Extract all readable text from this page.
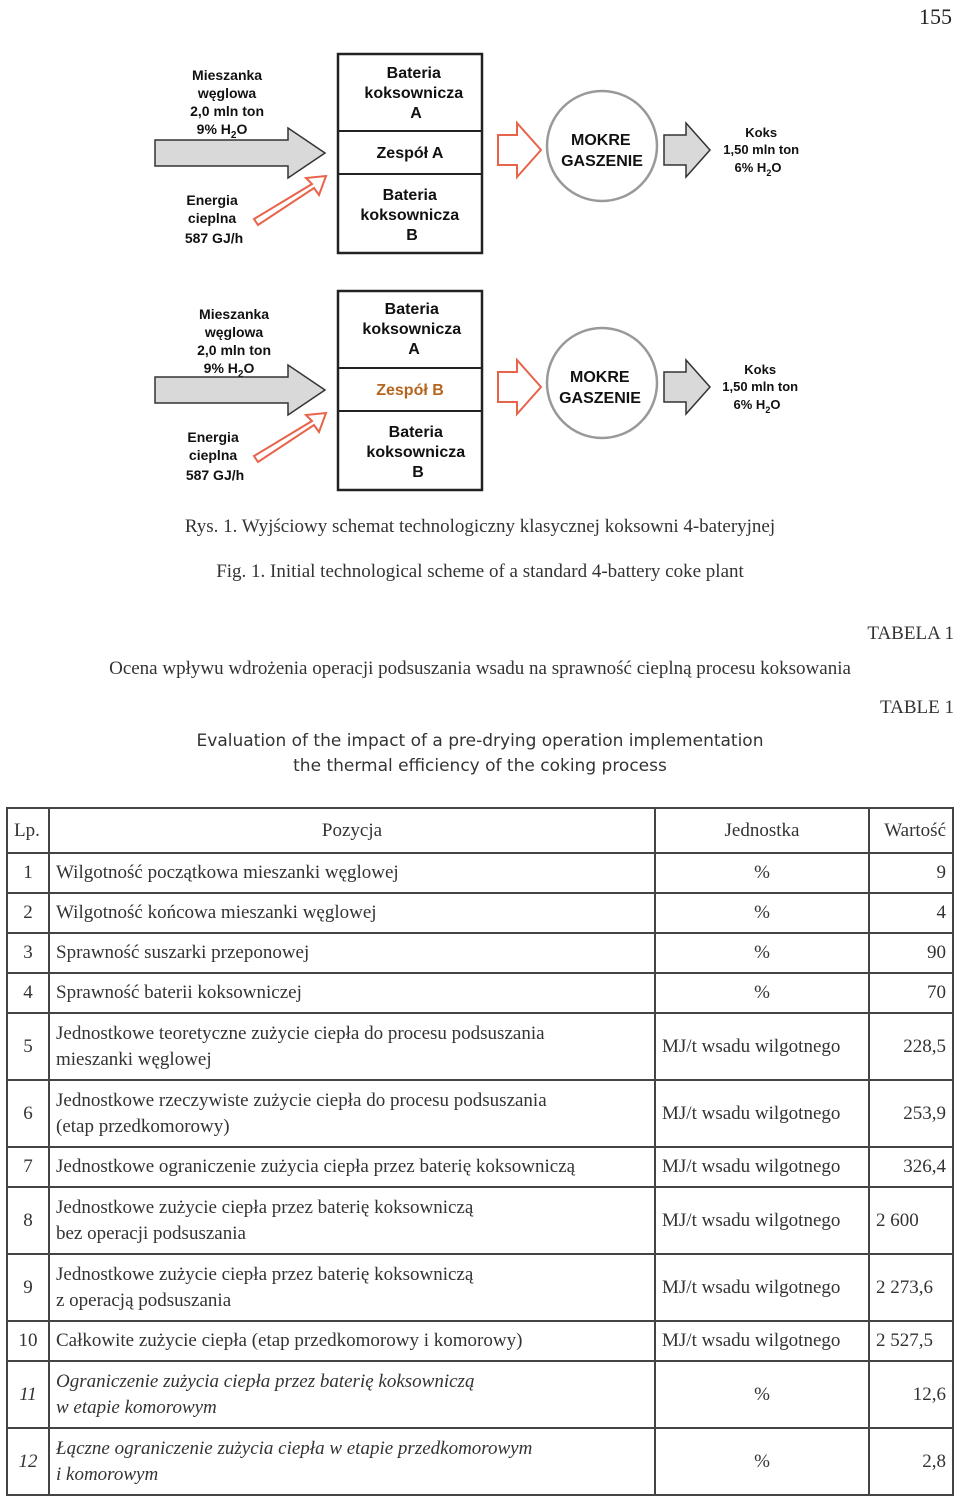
155
Mieszanka węglowa 2,0 mln ton 9% $H_2O$
Energia cieplna 587 GJ/h
Bateria koksownicza A
Zespół A
Bateria koksownicza B
MOKRE GASZENIE
Koks 1,50 mln ton 6% $H_2O$
Mieszanka węglowa 2,0 mln ton 9% $H_2O$
Energia cieplna 587 GJ/h
Bateria koksownicza A
Zespół B
Bateria koksownicza B
MOKRE GASZENIE
Koks 1,50 mln ton 6% $H_2O$
Rys. 1. Wyjściowy schemat technologiczny klasycznej koksowni 4-bateryjnej
Fig. 1. Initial technological scheme of a standard 4-battery coke plant
TABELA 1
Ocena wpływu wdrożenia operacji podsuszania wsadu na sprawność cieplną procesu koksowania
TABLE 1
Evaluation of the impact of a pre-drying operation implementation
the thermal efficiency of the coking process
Lp.	Pozycja	Jednostka	Wartość
1	Wilgotność początkowa mieszanki węglowej	%	9
2	Wilgotność końcowa mieszanki węglowej	%	4
3	Sprawność suszarki przeponowej	%	90
4	Sprawność baterii koksowniczej	%	70
5	Jednostkowe teoretyczne zużycie ciepła do procesu podsuszania
mieszanki węglowej	MJ/t wsadu wilgotnego	228,5
6	Jednostkowe rzeczywiste zużycie ciepła do procesu podsuszania
(etap przedkomorowy)	MJ/t wsadu wilgotnego	253,9
7	Jednostkowe ograniczenie zużycia ciepła przez baterię koksowniczą	MJ/t wsadu wilgotnego	326,4
8	Jednostkowe zużycie ciepła przez baterię koksowniczą
bez operacji podsuszania	MJ/t wsadu wilgotnego	2 600
9	Jednostkowe zużycie ciepła przez baterię koksowniczą
z operacją podsuszania	MJ/t wsadu wilgotnego	2 273,6
10	Całkowite zużycie ciepła (etap przedkomorowy i komorowy)	MJ/t wsadu wilgotnego	2 527,5
11	Ograniczenie zużycia ciepła przez baterię koksowniczą
w etapie komorowym	%	12,6
12	Łączne ograniczenie zużycia ciepła w etapie przedkomorowym
i komorowym	%	2,8
